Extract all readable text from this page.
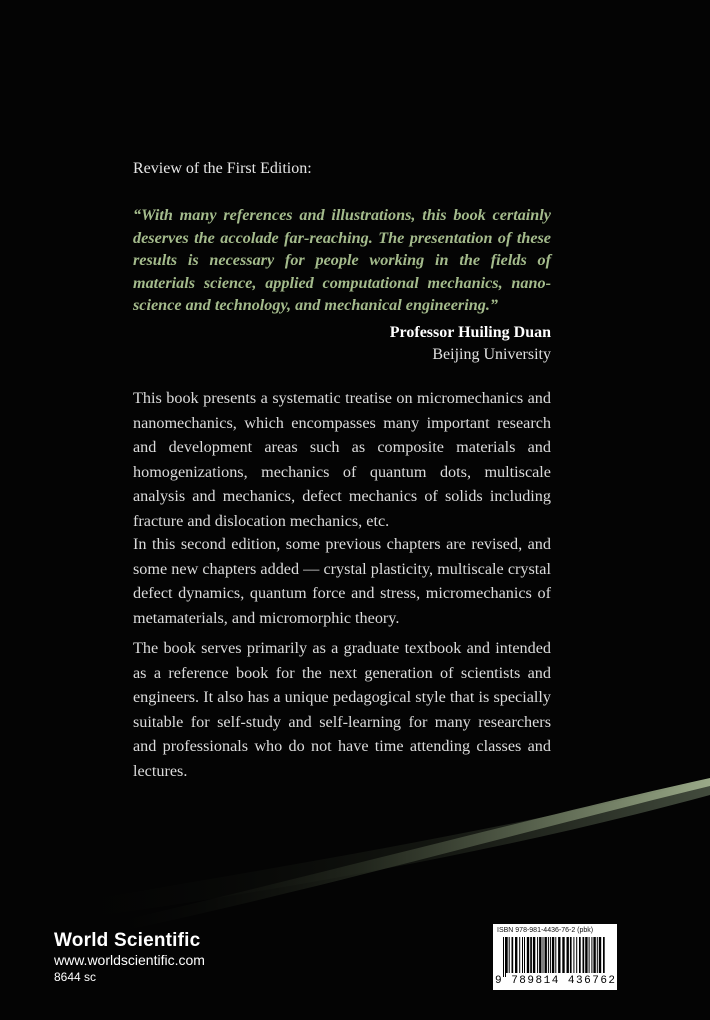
Review of the First Edition:

“With many references and illustrations, this book certainly deserves the accolade far-reaching. The presentation of these results is necessary for people working in the fields of materials science, applied computational mechanics, nano-science and technology, and mechanical engineering.”

Professor Huiling Duan
Beijing University

This book presents a systematic treatise on micromechanics and nanomechanics, which encompasses many important research and development areas such as composite materials and homogenizations, mechanics of quantum dots, multiscale analysis and mechanics, defect mechanics of solids including fracture and dislocation mechanics, etc.

In this second edition, some previous chapters are revised, and some new chapters added — crystal plasticity, multiscale crystal defect dynamics, quantum force and stress, micromechanics of metamaterials, and micromorphic theory.

The book serves primarily as a graduate textbook and intended as a reference book for the next generation of scientists and engineers. It also has a unique pedagogical style that is specially suitable for self-study and self-learning for many researchers and professionals who do not have time attending classes and lectures.

World Scientific
www.worldscientific.com
8644 sc
ISBN 978-981-4436-76-2 (pbk)
9 789814 436762
